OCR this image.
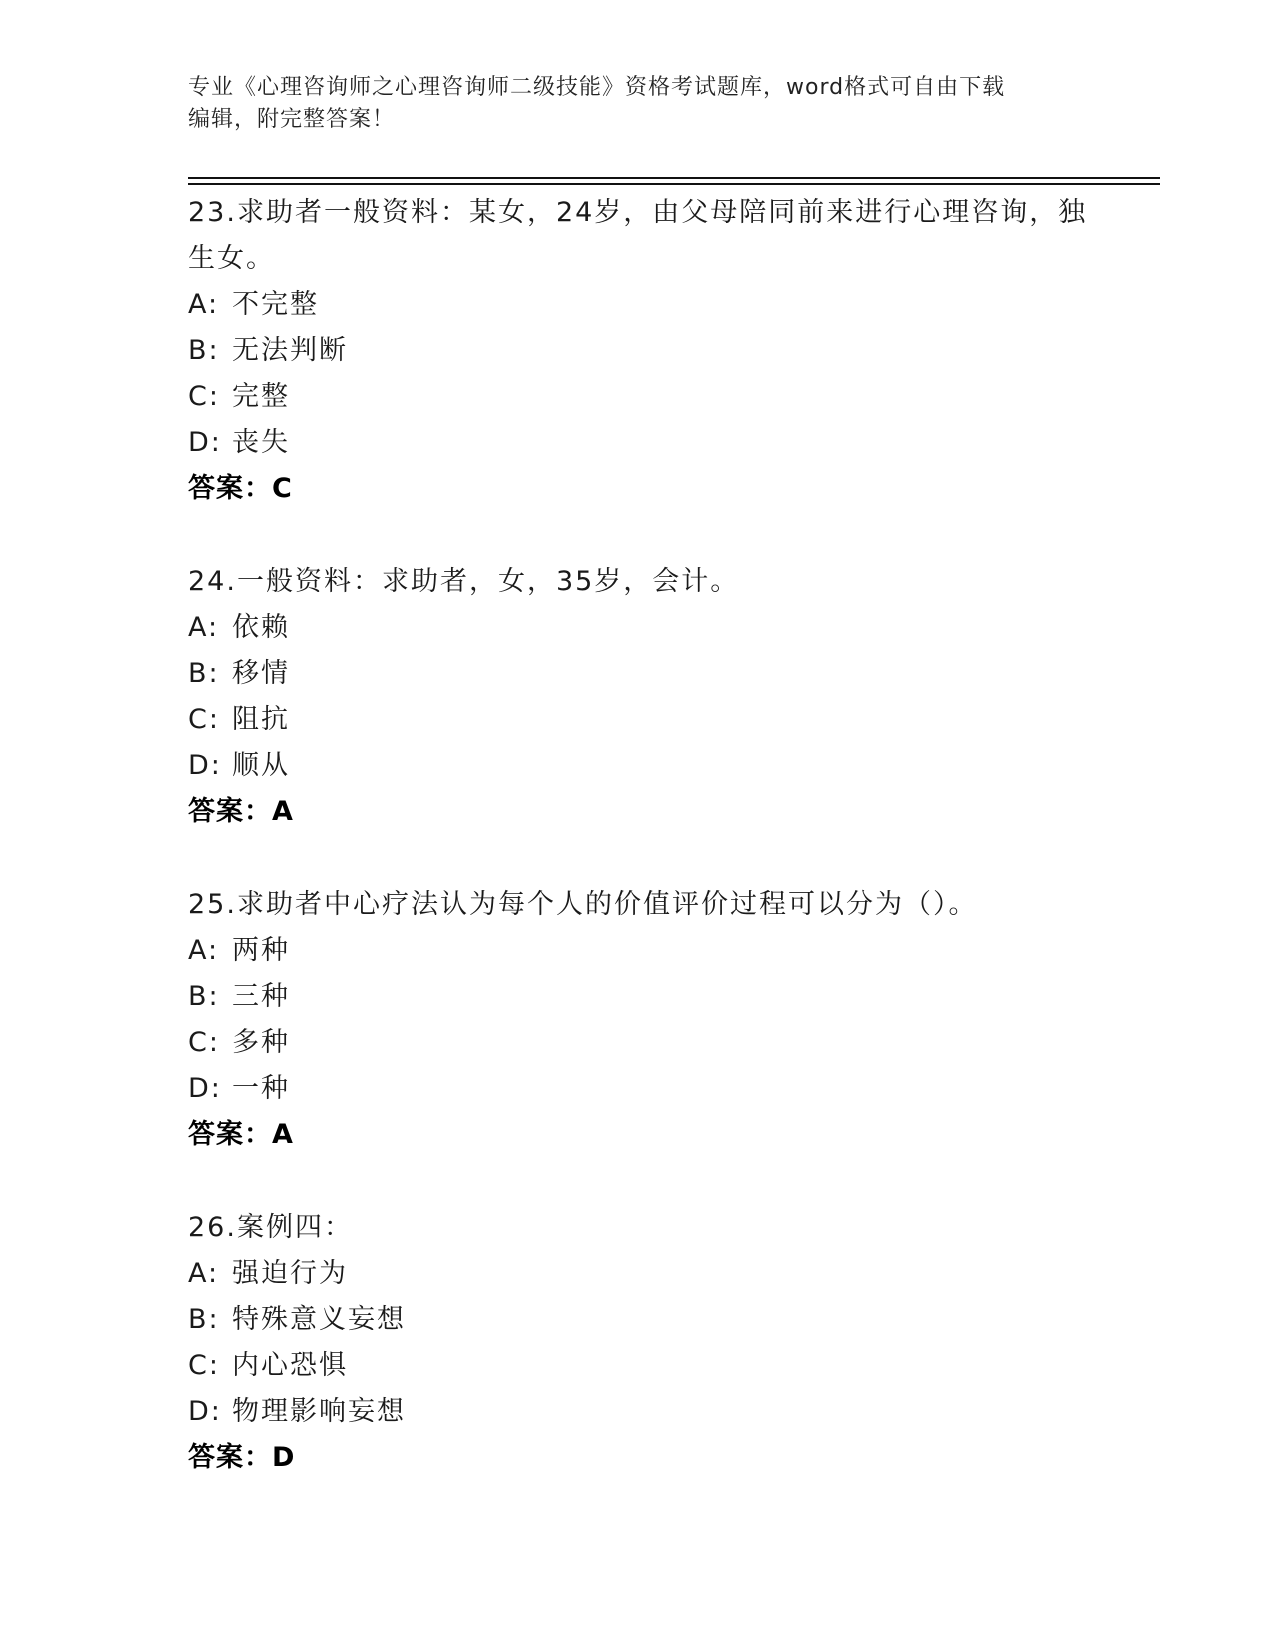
专业《心理咨询师之心理咨询师二级技能》资格考试题库，word格式可自由下载
编辑，附完整答案！
23.求助者一般资料：某女，24岁，由父母陪同前来进行心理咨询，独
生女。
A: 不完整
B: 无法判断
C: 完整
D: 丧失
答案：C
24.一般资料：求助者，女，35岁，会计。
A: 依赖
B: 移情
C: 阻抗
D: 顺从
答案：A
25.求助者中心疗法认为每个人的价值评价过程可以分为（）。
A: 两种
B: 三种
C: 多种
D: 一种
答案：A
26.案例四：
A: 强迫行为
B: 特殊意义妄想
C: 内心恐惧
D: 物理影响妄想
答案：D
